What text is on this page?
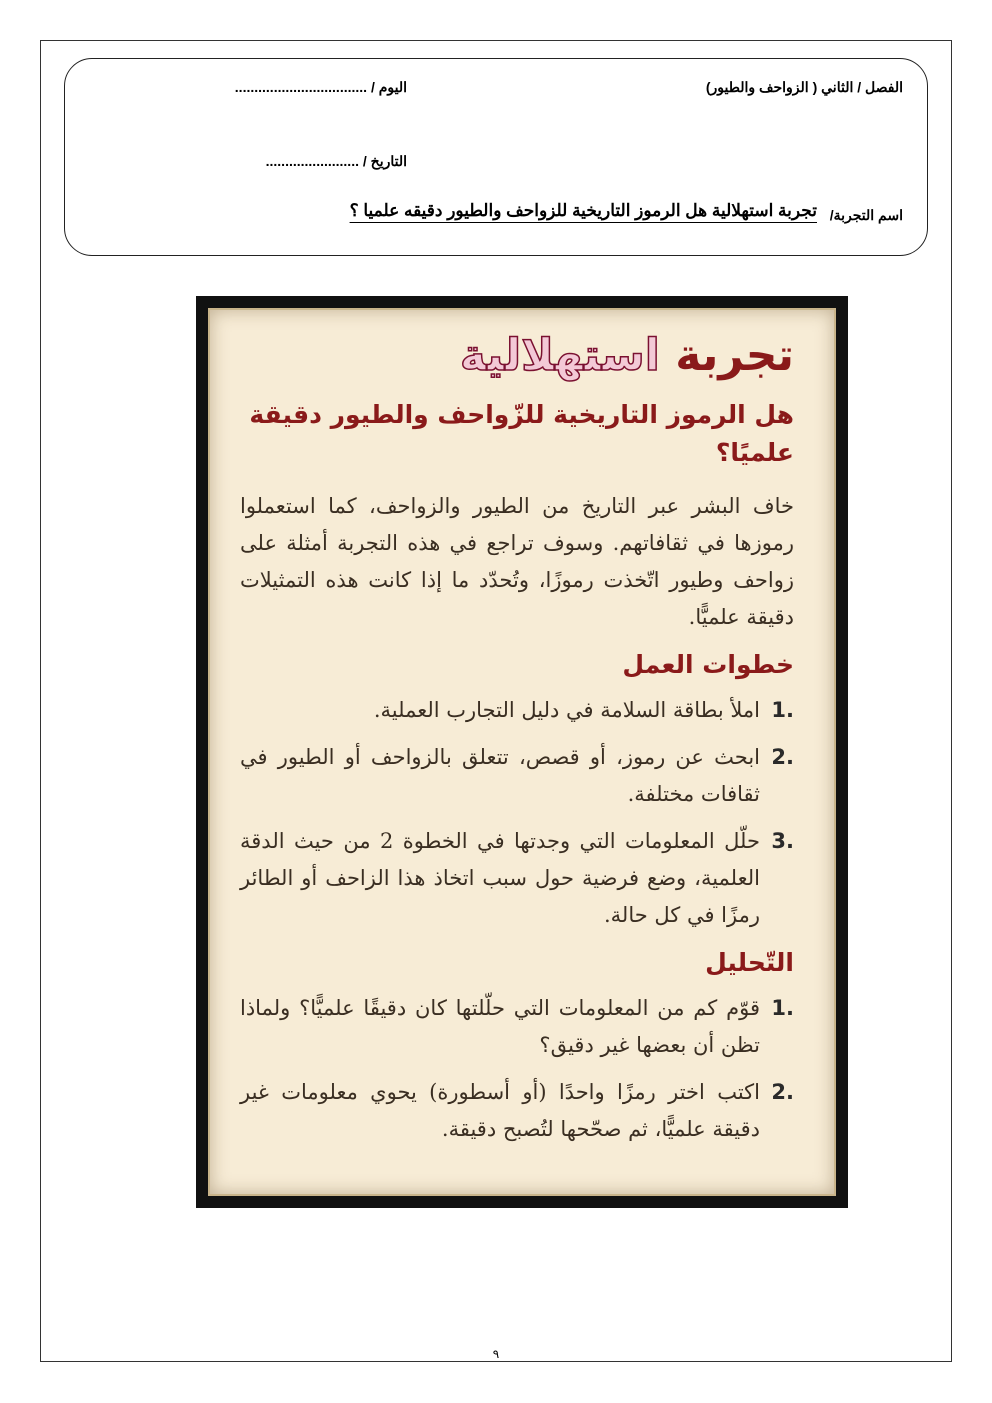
الفصل / الثاني ( الزواحف والطيور)
اليوم / ..................................
التاريخ / ........................
اسم التجربة/
تجربة استهلالية هل الرموز التاريخية للزواحف والطيور دقيقه علميا ؟
تجربة استهلالية
هل الرموز التاريخية للزّواحف والطيور دقيقة علميًا؟
خاف البشر عبر التاريخ من الطيور والزواحف، كما استعملوا رموزها في ثقافاتهم. وسوف تراجع في هذه التجربة أمثلة على زواحف وطيور اتّخذت رموزًا، وتُحدّد ما إذا كانت هذه التمثيلات دقيقة علميًّا.
خطوات العمل
1.
املأ بطاقة السلامة في دليل التجارب العملية.
2.
ابحث عن رموز، أو قصص، تتعلق بالزواحف أو الطيور في ثقافات مختلفة.
3.
حلّل المعلومات التي وجدتها في الخطوة 2 من حيث الدقة العلمية، وضع فرضية حول سبب اتخاذ هذا الزاحف أو الطائر رمزًا في كل حالة.
التّحليل
1.
قوّم كم من المعلومات التي حلّلتها كان دقيقًا علميًّا؟ ولماذا تظن أن بعضها غير دقيق؟
2.
اكتب اختر رمزًا واحدًا (أو أسطورة) يحوي معلومات غير دقيقة علميًّا، ثم صحّحها لتُصبح دقيقة.
٩
